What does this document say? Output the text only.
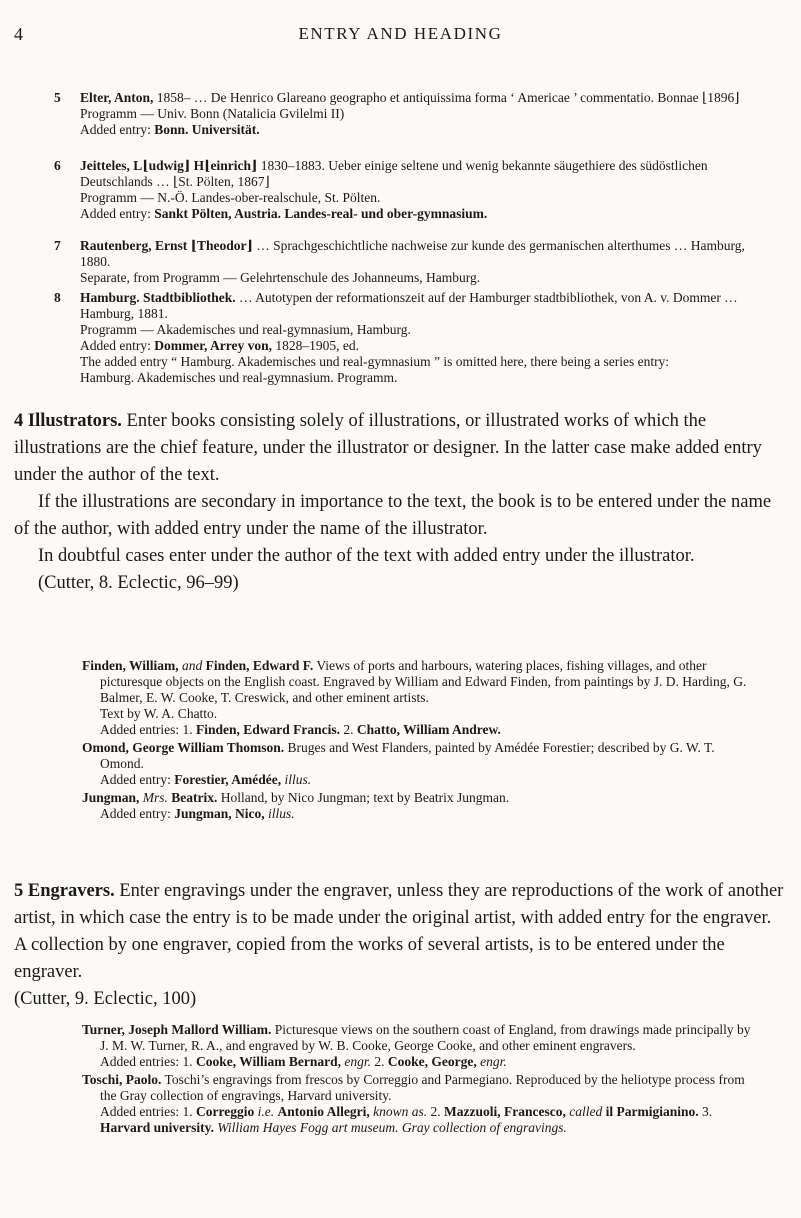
4	ENTRY AND HEADING
5 Elter, Anton, 1858– … De Henrico Glareano geographo et antiquissima forma ‘ Americae ’ commentatio. Bonnae ⌊1896⌋

Programm — Univ. Bonn (Natalicia Gvilelmi II)

Added entry: Bonn. Universität.

6 Jeitteles, L⌊udwig⌋ H⌊einrich⌋ 1830–1883. Ueber einige seltene und wenig bekannte säugethiere des südöstlichen Deutschlands … ⌊St. Pölten, 1867⌋

Programm — N.-Ö. Landes-ober-realschule, St. Pölten.

Added entry: Sankt Pölten, Austria. Landes-real- und ober-gymnasium.

7 Rautenberg, Ernst ⌊Theodor⌋ … Sprachgeschichtliche nachweise zur kunde des germanischen alterthumes … Hamburg, 1880.

Separate, from Programm — Gelehrtenschule des Johanneums, Hamburg.

8 Hamburg. Stadtbibliothek. … Autotypen der reformationszeit auf der Hamburger stadtbibliothek, von A. v. Dommer … Hamburg, 1881.

Programm — Akademisches und real-gymnasium, Hamburg.

Added entry: Dommer, Arrey von, 1828–1905, ed.

The added entry “ Hamburg. Akademisches und real-gymnasium ” is omitted here, there being a series entry:

Hamburg. Akademisches und real-gymnasium. Programm.

4 Illustrators. Enter books consisting solely of illustrations, or illustrated works of which the illustrations are the chief feature, under the illustrator or designer. In the latter case make added entry under the author of the text.

If the illustrations are secondary in importance to the text, the book is to be entered under the name of the author, with added entry under the name of the illustrator.

In doubtful cases enter under the author of the text with added entry under the illustrator.

(Cutter, 8. Eclectic, 96–99)

Finden, William, and Finden, Edward F. Views of ports and harbours, watering places, fishing villages, and other picturesque objects on the English coast. Engraved by William and Edward Finden, from paintings by J. D. Harding, G. Balmer, E. W. Cooke, T. Creswick, and other eminent artists.

Text by W. A. Chatto.

Added entries: 1. Finden, Edward Francis. 2. Chatto, William Andrew.

Omond, George William Thomson. Bruges and West Flanders, painted by Amédée Forestier; described by G. W. T. Omond.

Added entry: Forestier, Amédée, illus.

Jungman, Mrs. Beatrix. Holland, by Nico Jungman; text by Beatrix Jungman.

Added entry: Jungman, Nico, illus.

5 Engravers. Enter engravings under the engraver, unless they are reproductions of the work of another artist, in which case the entry is to be made under the original artist, with added entry for the engraver. A collection by one engraver, copied from the works of several artists, is to be entered under the engraver.

(Cutter, 9. Eclectic, 100)

Turner, Joseph Mallord William. Picturesque views on the southern coast of England, from drawings made principally by J. M. W. Turner, R. A., and engraved by W. B. Cooke, George Cooke, and other eminent engravers.

Added entries: 1. Cooke, William Bernard, engr. 2. Cooke, George, engr.

Toschi, Paolo. Toschi’s engravings from frescos by Correggio and Parmegiano. Reproduced by the heliotype process from the Gray collection of engravings, Harvard university.

Added entries: 1. Correggio i.e. Antonio Allegri, known as. 2. Mazzuoli, Francesco, called il Parmigianino. 3. Harvard university. William Hayes Fogg art museum. Gray collection of engravings.
